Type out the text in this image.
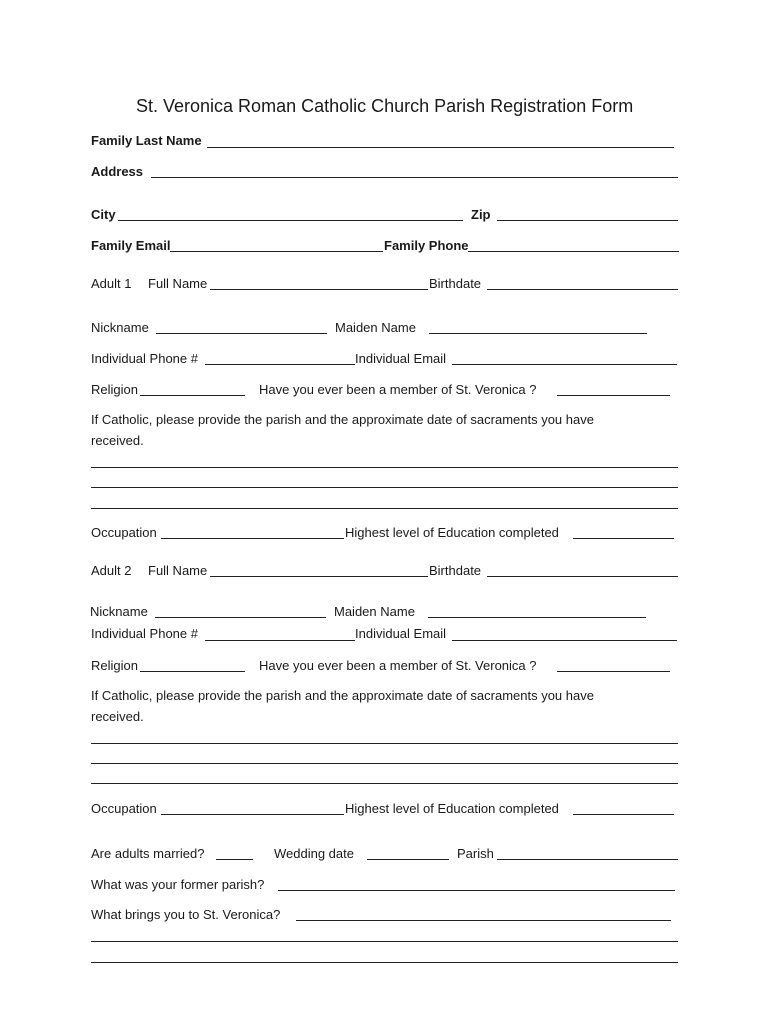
St. Veronica Roman Catholic Church Parish Registration Form
Family Last Name
Address
City	Zip
Family Email	Family Phone
Adult 1 Full Name	Birthdate
Nickname	Maiden Name
Individual Phone #	Individual Email
Religion	Have you ever been a member of St. Veronica ?
If Catholic, please provide the parish and the approximate date of sacraments you have
received.
Occupation	Highest level of Education completed
Adult 2 Full Name	Birthdate
Nickname	Maiden Name
Individual Phone #	Individual Email
Religion	Have you ever been a member of St. Veronica ?
If Catholic, please provide the parish and the approximate date of sacraments you have
received.
Occupation	Highest level of Education completed
Are adults married?	Wedding date	Parish
What was your former parish?
What brings you to St. Veronica?
